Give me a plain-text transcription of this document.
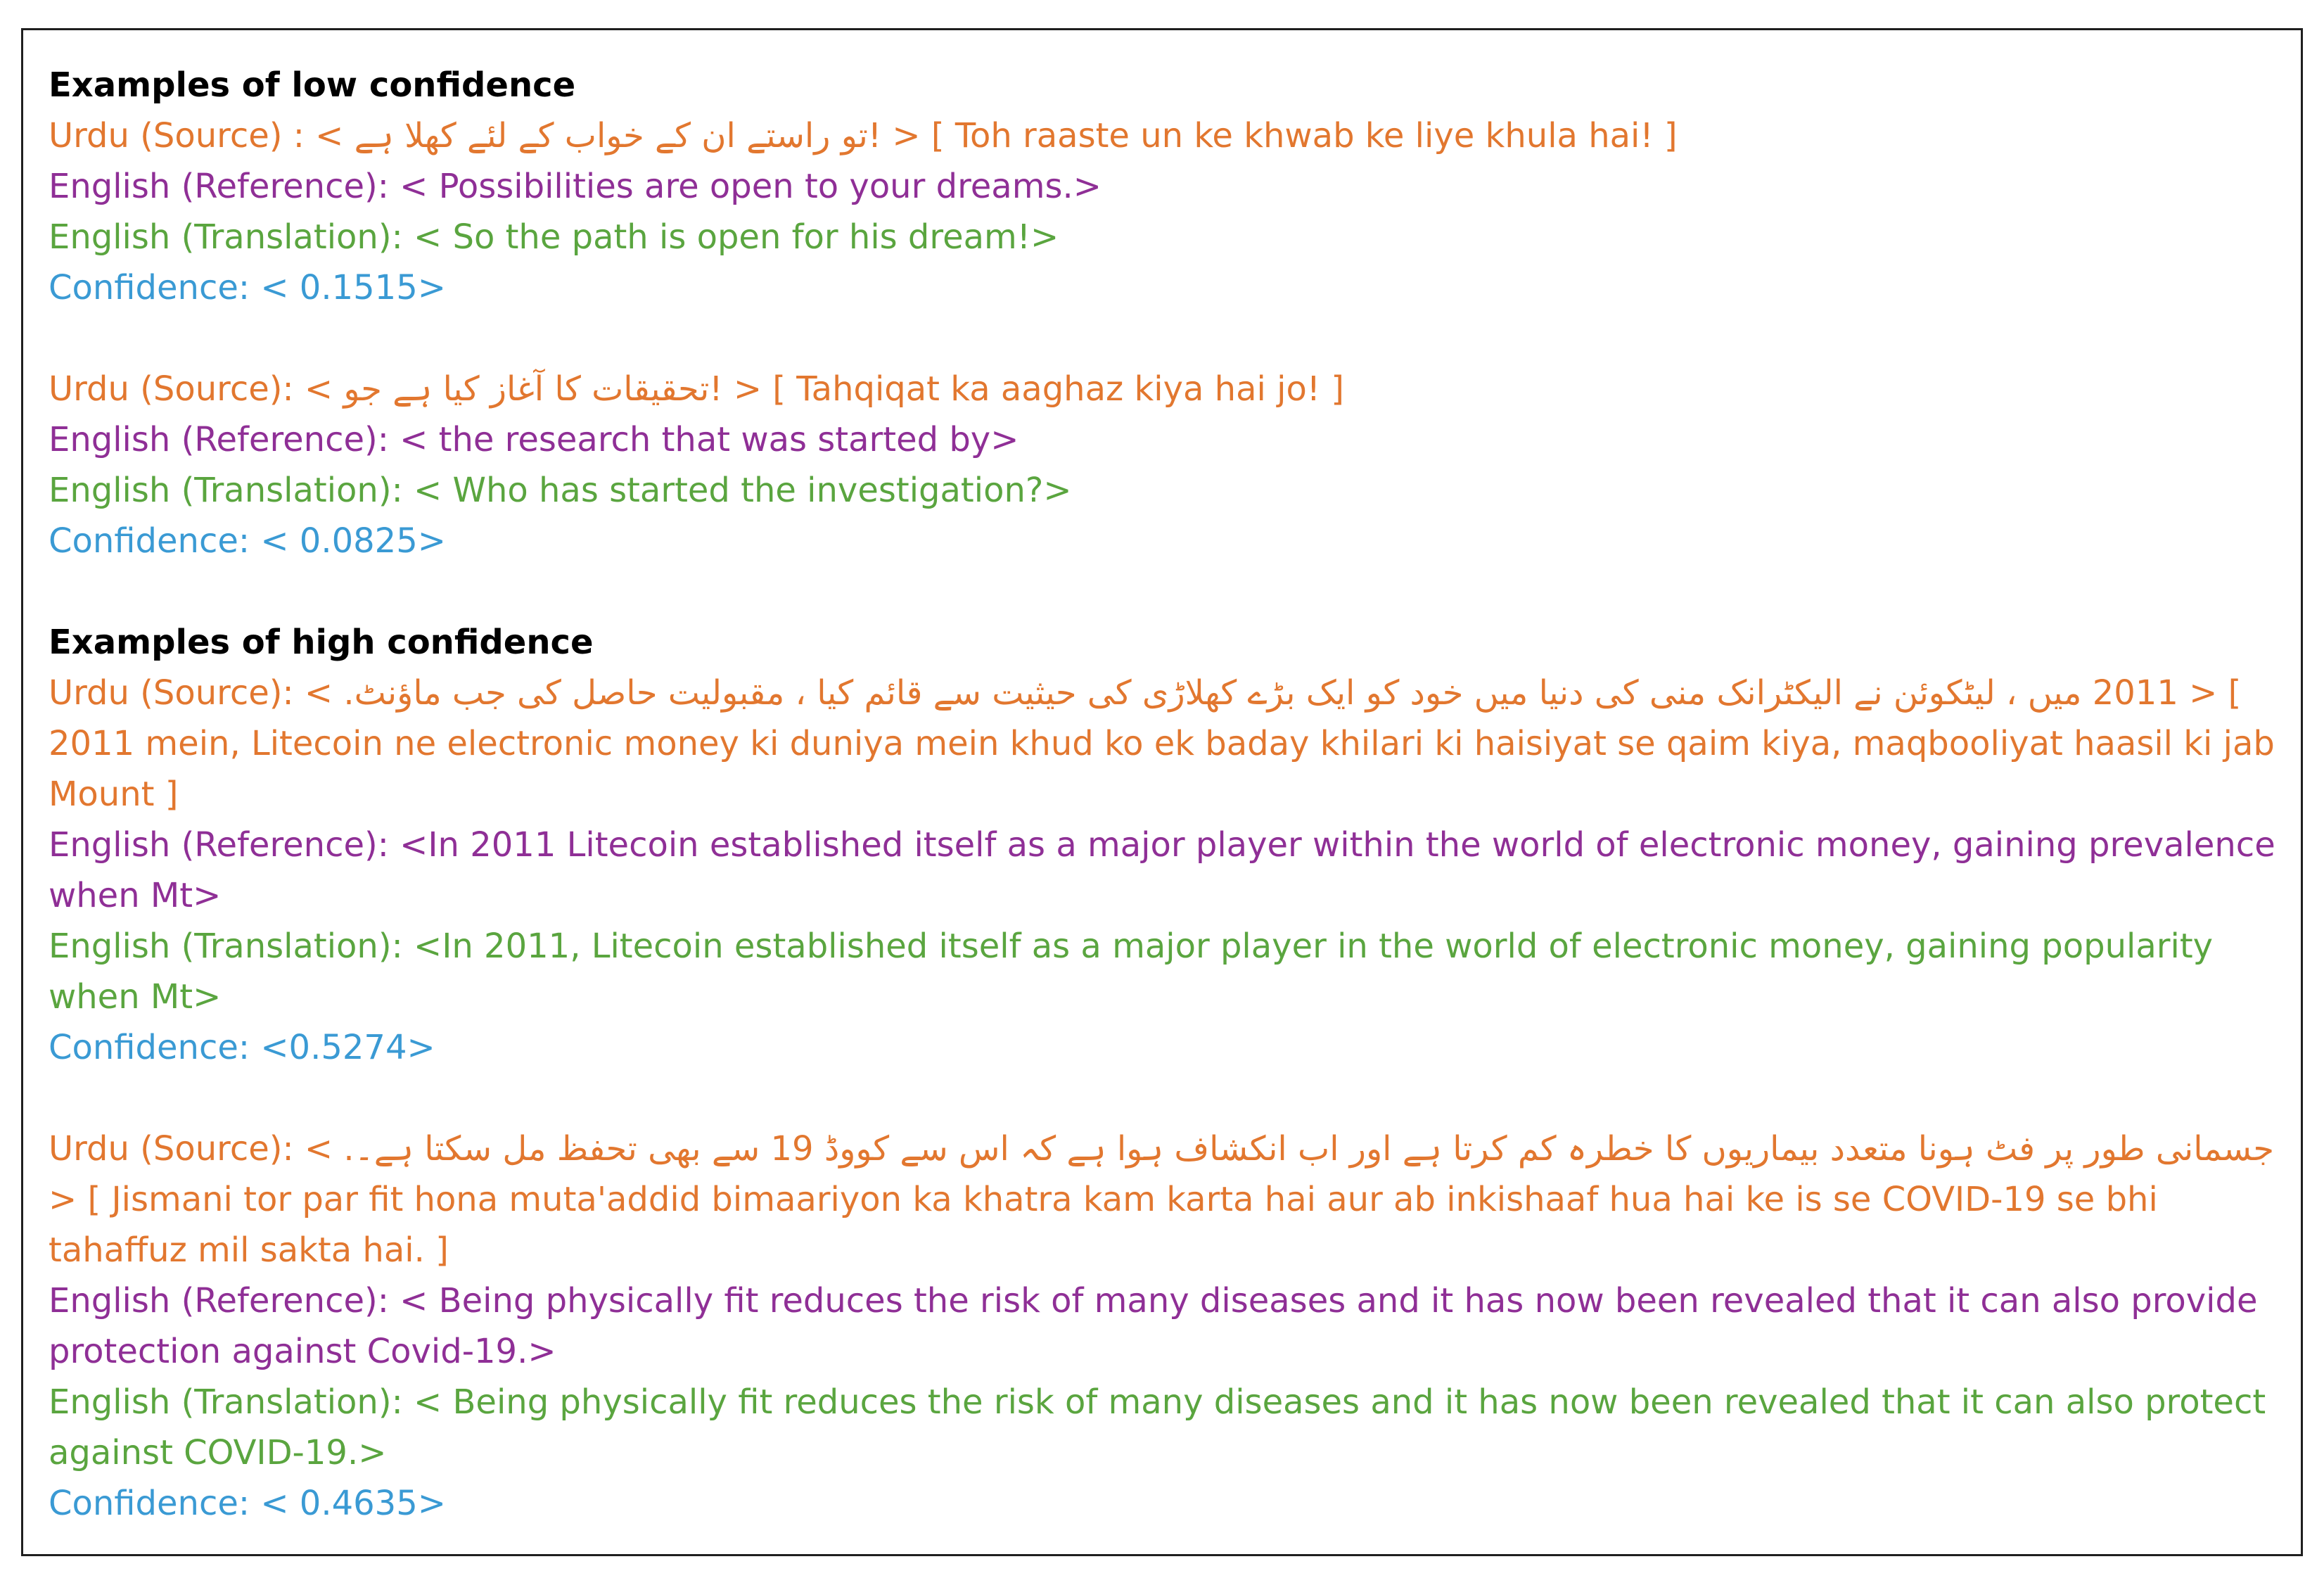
Examples of low confidence
Urdu (Source) : < !تو راستے ان کے خواب کے لئے کھلا ہے > [ Toh raaste un ke khwab ke liye khula hai! ]
English (Reference): < Possibilities are open to your dreams.>
English (Translation): < So the path is open for his dream!>
Confidence: < 0.1515>
Urdu (Source): < !تحقیقات کا آغاز کیا ہے جو > [ Tahqiqat ka aaghaz kiya hai jo! ]
English (Reference): < the research that was started by>
English (Translation): < Who has started the investigation?>
Confidence: < 0.0825>
Examples of high confidence
Urdu (Source): < 2011 میں ، لیٹکوئن نے الیکٹرانک منی کی دنیا میں خود کو ایک بڑے کھلاڑی کی حیثیت سے قائم کیا ، مقبولیت حاصل کی جب ماؤنٹ. > [ 2011 mein, Litecoin ne electronic money ki duniya mein khud ko ek baday khilari ki haisiyat se qaim kiya, maqbooliyat haasil ki jab Mount ]
English (Reference): <In 2011 Litecoin established itself as a major player within the world of electronic money, gaining prevalence when Mt>
English (Translation): <In 2011, Litecoin established itself as a major player in the world of electronic money, gaining popularity when Mt>
Confidence: <0.5274>
Urdu (Source): < جسمانی طور پر فٹ ہونا متعدد بیماریوں کا خطرہ کم کرتا ہے اور اب انکشاف ہوا ہے کہ اس سے کووڈ 19 سے بھی تحفظ مل سکتا ہے۔. > [ Jismani tor par fit hona muta'addid bimaariyon ka khatra kam karta hai aur ab inkishaaf hua hai ke is se COVID-19 se bhi tahaffuz mil sakta hai. ]
English (Reference): < Being physically fit reduces the risk of many diseases and it has now been revealed that it can also provide protection against Covid-19.>
English (Translation): < Being physically fit reduces the risk of many diseases and it has now been revealed that it can also protect against COVID-19.>
Confidence: < 0.4635>
